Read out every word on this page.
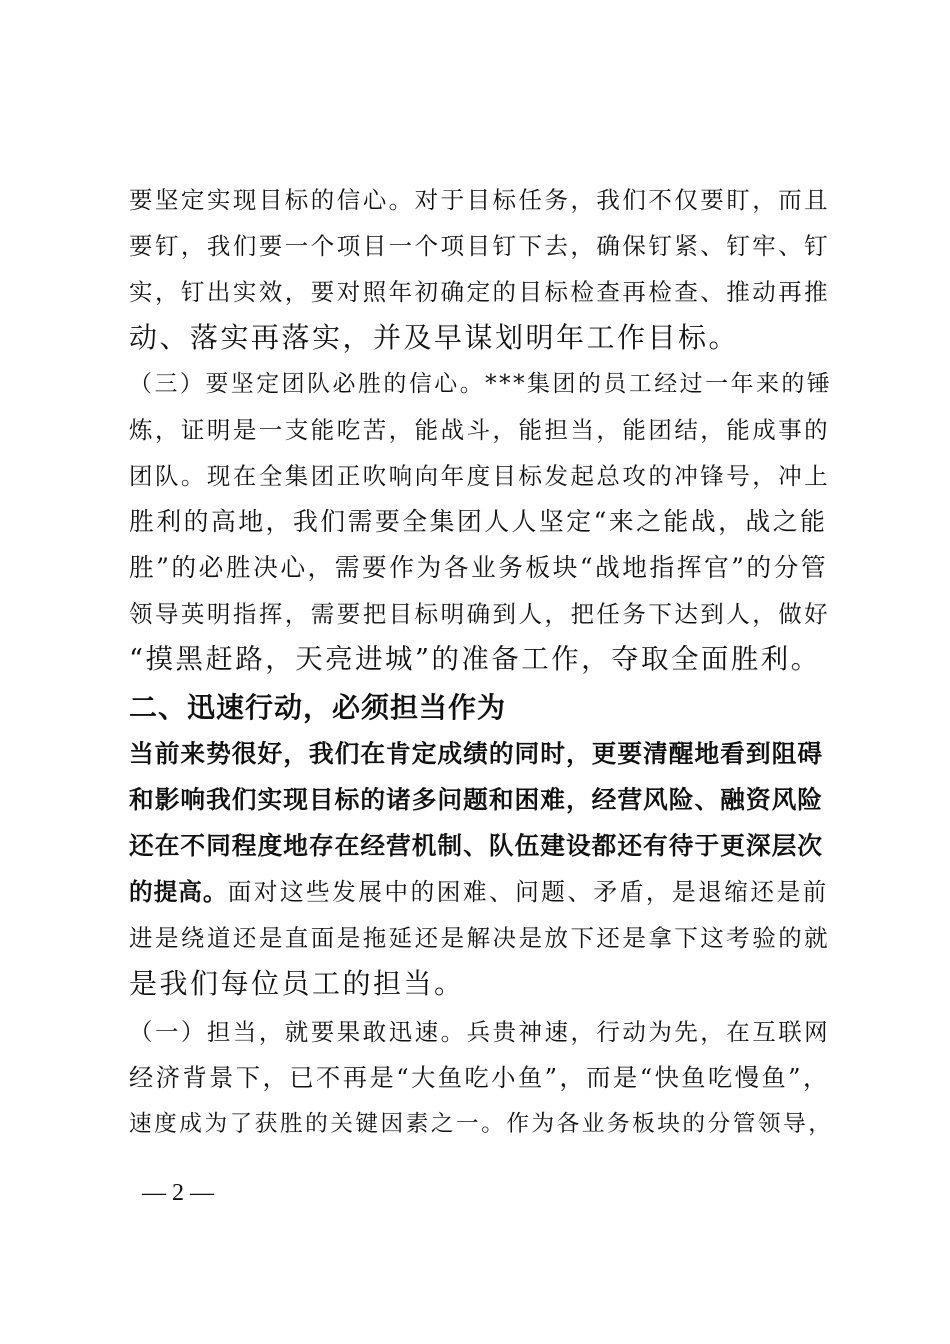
要坚定实现目标的信心。对于目标任务，我们不仅要盯，而且
要钉，我们要一个项目一个项目钉下去，确保钉紧、钉牢、钉
实，钉出实效，要对照年初确定的目标检查再检查、推动再推
动、落实再落实，并及早谋划明年工作目标。
（三）要坚定团队必胜的信心。***集团的员工经过一年来的锤
炼，证明是一支能吃苦，能战斗，能担当，能团结，能成事的
团队。现在全集团正吹响向年度目标发起总攻的冲锋号，冲上
胜利的高地，我们需要全集团人人坚定“来之能战，战之能
胜”的必胜决心，需要作为各业务板块“战地指挥官”的分管
领导英明指挥，需要把目标明确到人，把任务下达到人，做好
“摸黑赶路，天亮进城”的准备工作，夺取全面胜利。
二、迅速行动，必须担当作为
当前来势很好，我们在肯定成绩的同时，更要清醒地看到阻碍
和影响我们实现目标的诸多问题和困难，经营风险、融资风险
还在不同程度地存在经营机制、队伍建设都还有待于更深层次
的提高。面对这些发展中的困难、问题、矛盾，是退缩还是前
进是绕道还是直面是拖延还是解决是放下还是拿下这考验的就
是我们每位员工的担当。
（一）担当，就要果敢迅速。兵贵神速，行动为先，在互联网
经济背景下，已不再是“大鱼吃小鱼”，而是“快鱼吃慢鱼”，
速度成为了获胜的关键因素之一。作为各业务板块的分管领导，
— 2 —
